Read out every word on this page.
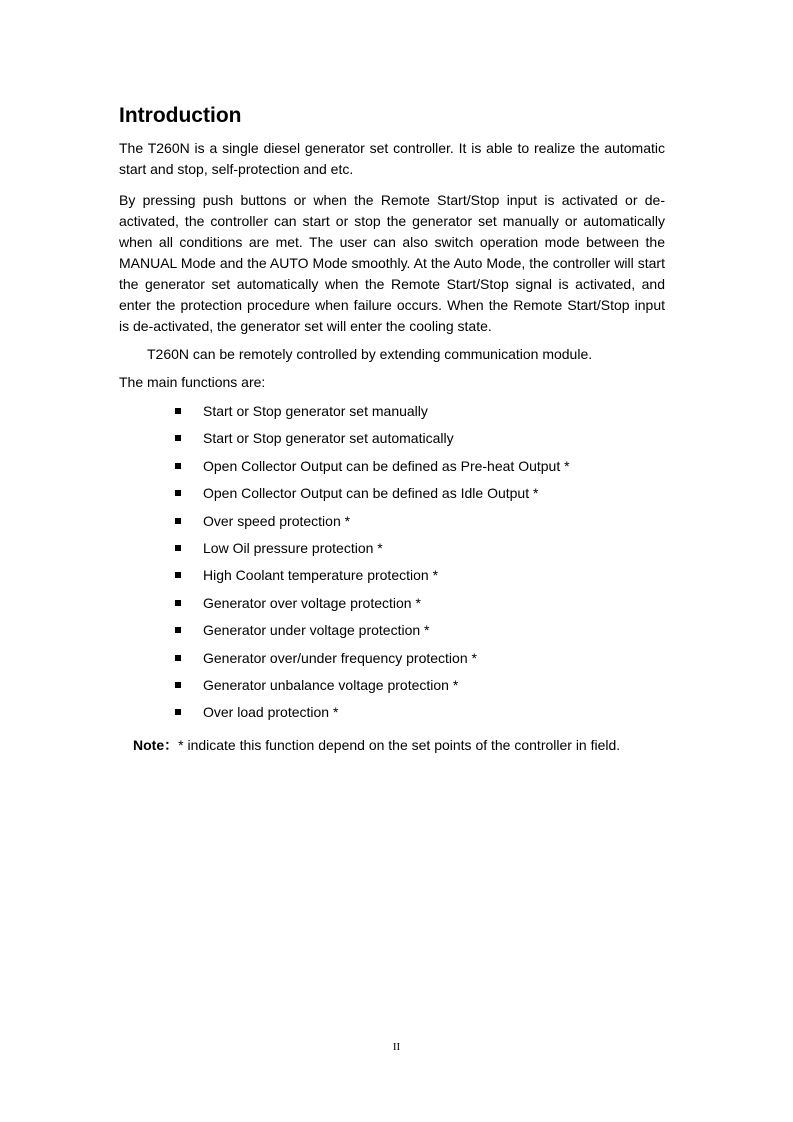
Introduction

The T260N is a single diesel generator set controller. It is able to realize the automatic start and stop, self-protection and etc.

By pressing push buttons or when the Remote Start/Stop input is activated or de-activated, the controller can start or stop the generator set manually or automatically when all conditions are met. The user can also switch operation mode between the MANUAL Mode and the AUTO Mode smoothly. At the Auto Mode, the controller will start the generator set automatically when the Remote Start/Stop signal is activated, and enter the protection procedure when failure occurs. When the Remote Start/Stop input is de-activated, the generator set will enter the cooling state.

T260N can be remotely controlled by extending communication module.

The main functions are:

Start or Stop generator set manually
Start or Stop generator set automatically
Open Collector Output can be defined as Pre-heat Output *
Open Collector Output can be defined as Idle Output *
Over speed protection *
Low Oil pressure protection *
High Coolant temperature protection *
Generator over voltage protection *
Generator under voltage protection *
Generator over/under frequency protection *
Generator unbalance voltage protection *
Over load protection *

Note：* indicate this function depend on the set points of the controller in field.

II
